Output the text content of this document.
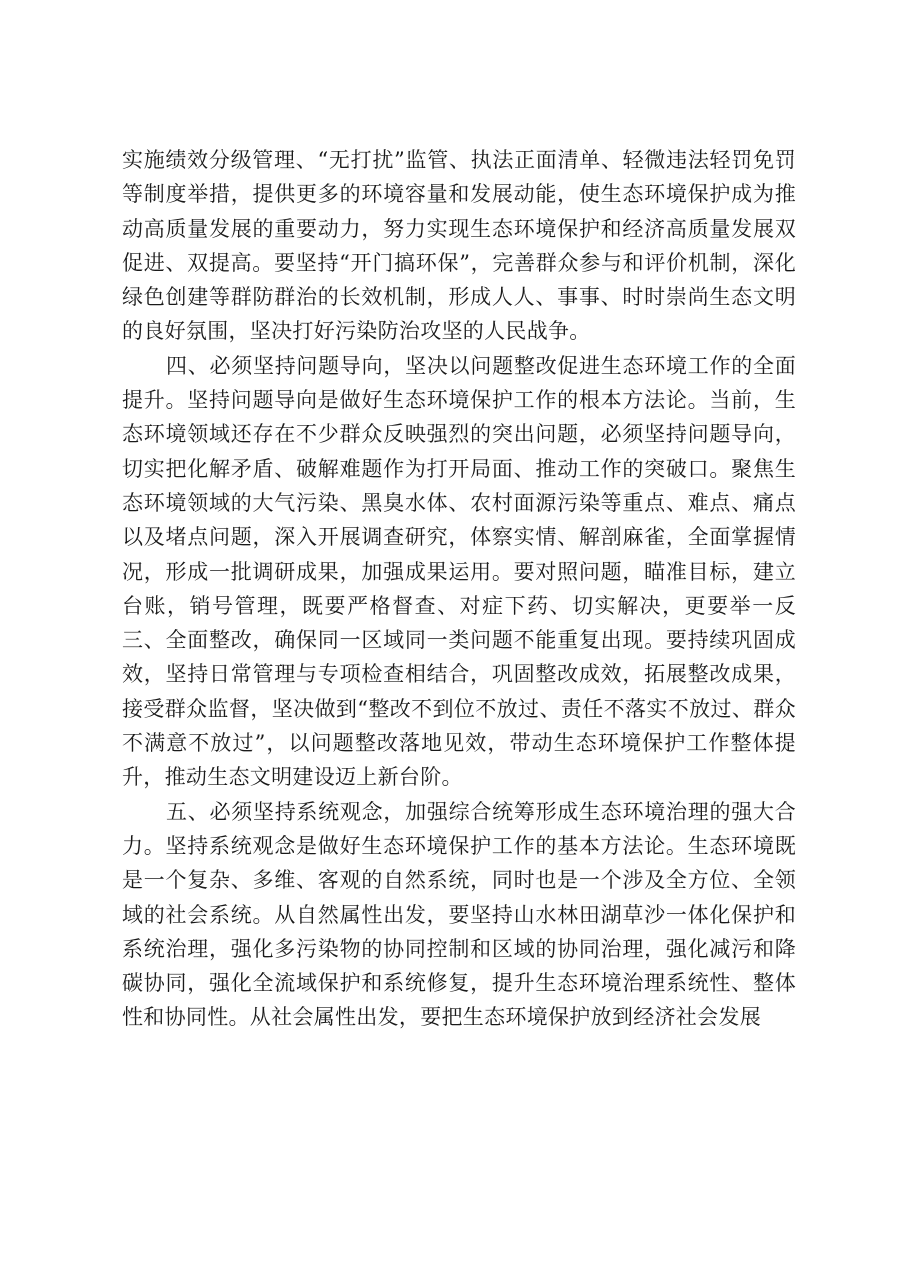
实施绩效分级管理、“无打扰”监管、执法正面清单、轻微违法轻罚免罚等制度举措，提供更多的环境容量和发展动能，使生态环境保护成为推动高质量发展的重要动力，努力实现生态环境保护和经济高质量发展双促进、双提高。要坚持“开门搞环保”，完善群众参与和评价机制，深化绿色创建等群防群治的长效机制，形成人人、事事、时时崇尚生态文明的良好氛围，坚决打好污染防治攻坚的人民战争。

四、必须坚持问题导向，坚决以问题整改促进生态环境工作的全面提升。坚持问题导向是做好生态环境保护工作的根本方法论。当前，生态环境领域还存在不少群众反映强烈的突出问题，必须坚持问题导向，切实把化解矛盾、破解难题作为打开局面、推动工作的突破口。聚焦生态环境领域的大气污染、黑臭水体、农村面源污染等重点、难点、痛点以及堵点问题，深入开展调查研究，体察实情、解剖麻雀，全面掌握情况，形成一批调研成果，加强成果运用。要对照问题，瞄准目标，建立台账，销号管理，既要严格督查、对症下药、切实解决，更要举一反三、全面整改，确保同一区域同一类问题不能重复出现。要持续巩固成效，坚持日常管理与专项检查相结合，巩固整改成效，拓展整改成果，接受群众监督，坚决做到“整改不到位不放过、责任不落实不放过、群众不满意不放过”，以问题整改落地见效，带动生态环境保护工作整体提升，推动生态文明建设迈上新台阶。

五、必须坚持系统观念，加强综合统筹形成生态环境治理的强大合力。坚持系统观念是做好生态环境保护工作的基本方法论。生态环境既是一个复杂、多维、客观的自然系统，同时也是一个涉及全方位、全领域的社会系统。从自然属性出发，要坚持山水林田湖草沙一体化保护和系统治理，强化多污染物的协同控制和区域的协同治理，强化减污和降碳协同，强化全流域保护和系统修复，提升生态环境治理系统性、整体性和协同性。从社会属性出发，要把生态环境保护放到经济社会发展
